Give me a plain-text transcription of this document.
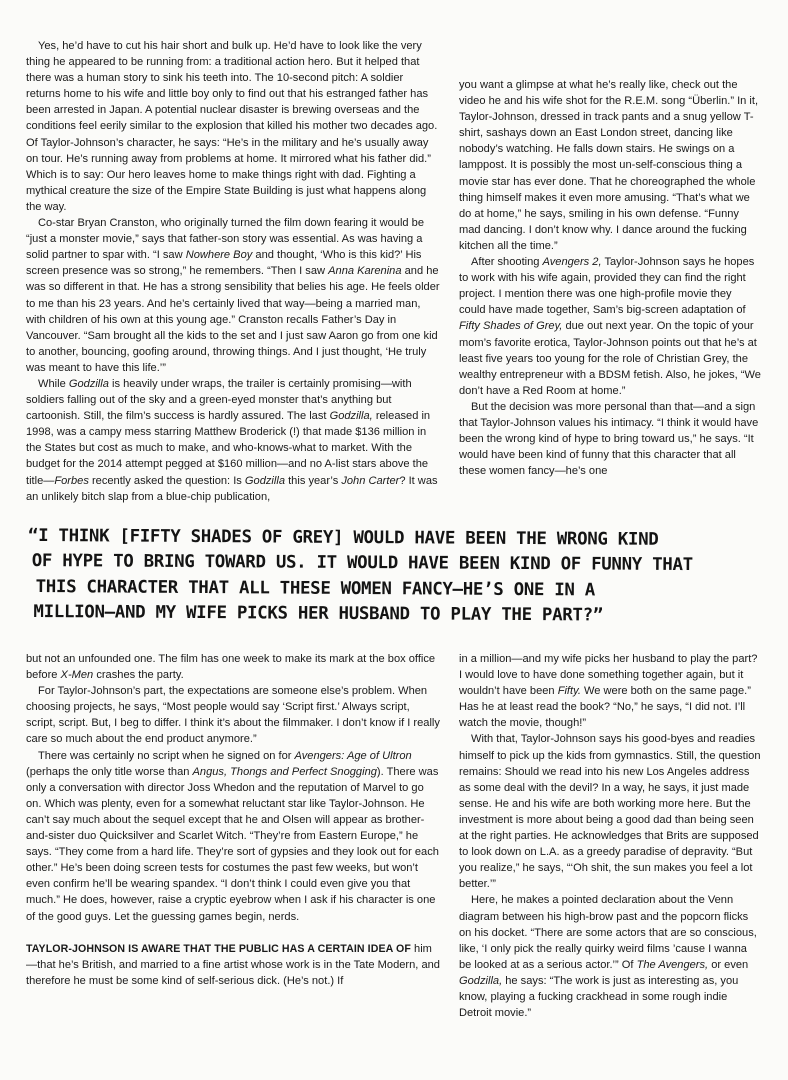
Yes, he’d have to cut his hair short and bulk up. He’d have to look like the very thing he appeared to be running from: a traditional action hero. But it helped that there was a human story to sink his teeth into. The 10-second pitch: A soldier returns home to his wife and little boy only to find out that his estranged father has been arrested in Japan. A potential nuclear disaster is brewing overseas and the conditions feel eerily similar to the explosion that killed his mother two decades ago. Of Taylor-Johnson’s character, he says: “He’s in the military and he’s usually away on tour. He’s running away from problems at home. It mirrored what his father did.” Which is to say: Our hero leaves home to make things right with dad. Fighting a mythical creature the size of the Empire State Building is just what happens along the way.

Co-star Bryan Cranston, who originally turned the film down fearing it would be “just a monster movie,” says that father-son story was essential. As was having a solid partner to spar with. “I saw Nowhere Boy and thought, ‘Who is this kid?’ His screen presence was so strong,” he remembers. “Then I saw Anna Karenina and he was so different in that. He has a strong sensibility that belies his age. He feels older to me than his 23 years. And he’s certainly lived that way—being a married man, with children of his own at this young age.” Cranston recalls Father’s Day in Vancouver. “Sam brought all the kids to the set and I just saw Aaron go from one kid to another, bouncing, goofing around, throwing things. And I just thought, ‘He truly was meant to have this life.’”

While Godzilla is heavily under wraps, the trailer is certainly promising—with soldiers falling out of the sky and a green-eyed monster that’s anything but cartoonish. Still, the film’s success is hardly assured. The last Godzilla, released in 1998, was a campy mess starring Matthew Broderick (!) that made $136 million in the States but cost as much to make, and who-knows-what to market. With the budget for the 2014 attempt pegged at $160 million—and no A-list stars above the title—Forbes recently asked the question: Is Godzilla this year’s John Carter? It was an unlikely bitch slap from a blue-chip publication,

you want a glimpse at what he’s really like, check out the video he and his wife shot for the R.E.M. song “Überlin.” In it, Taylor-Johnson, dressed in track pants and a snug yellow T-shirt, sashays down an East London street, dancing like nobody’s watching. He falls down stairs. He swings on a lamppost. It is possibly the most un-self-conscious thing a movie star has ever done. That he choreographed the whole thing himself makes it even more amusing. “That’s what we do at home,” he says, smiling in his own defense. “Funny mad dancing. I don’t know why. I dance around the fucking kitchen all the time.”

After shooting Avengers 2, Taylor-Johnson says he hopes to work with his wife again, provided they can find the right project. I mention there was one high-profile movie they could have made together, Sam’s big-screen adaptation of Fifty Shades of Grey, due out next year. On the topic of your mom’s favorite erotica, Taylor-Johnson points out that he’s at least five years too young for the role of Christian Grey, the wealthy entrepreneur with a BDSM fetish. Also, he jokes, “We don’t have a Red Room at home.”

But the decision was more personal than that—and a sign that Taylor-Johnson values his intimacy. “I think it would have been the wrong kind of hype to bring toward us,” he says. “It would have been kind of funny that this character that all these women fancy—he’s one

“I THINK [FIFTY SHADES OF GREY] WOULD HAVE BEEN THE WRONG KIND
OF HYPE TO BRING TOWARD US. IT WOULD HAVE BEEN KIND OF FUNNY THAT
THIS CHARACTER THAT ALL THESE WOMEN FANCY—HE’S ONE IN A
MILLION—AND MY WIFE PICKS HER HUSBAND TO PLAY THE PART?”

but not an unfounded one. The film has one week to make its mark at the box office before X-Men crashes the party.

For Taylor-Johnson’s part, the expectations are someone else’s problem. When choosing projects, he says, “Most people would say ‘Script first.’ Always script, script, script. But, I beg to differ. I think it’s about the filmmaker. I don’t know if I really care so much about the end product anymore.”

There was certainly no script when he signed on for Avengers: Age of Ultron (perhaps the only title worse than Angus, Thongs and Perfect Snogging). There was only a conversation with director Joss Whedon and the reputation of Marvel to go on. Which was plenty, even for a somewhat reluctant star like Taylor-Johnson. He can’t say much about the sequel except that he and Olsen will appear as brother-and-sister duo Quicksilver and Scarlet Witch. “They’re from Eastern Europe,” he says. “They come from a hard life. They’re sort of gypsies and they look out for each other.” He’s been doing screen tests for costumes the past few weeks, but won’t even confirm he’ll be wearing spandex. “I don’t think I could even give you that much.” He does, however, raise a cryptic eyebrow when I ask if his character is one of the good guys. Let the guessing games begin, nerds.

TAYLOR-JOHNSON IS AWARE THAT THE PUBLIC HAS A CERTAIN IDEA OF him—that he’s British, and married to a fine artist whose work is in the Tate Modern, and therefore he must be some kind of self-serious dick. (He’s not.) If

in a million—and my wife picks her husband to play the part? I would love to have done something together again, but it wouldn’t have been Fifty. We were both on the same page.” Has he at least read the book? “No,” he says, “I did not. I’ll watch the movie, though!”

With that, Taylor-Johnson says his good-byes and readies himself to pick up the kids from gymnastics. Still, the question remains: Should we read into his new Los Angeles address as some deal with the devil? In a way, he says, it just made sense. He and his wife are both working more here. But the investment is more about being a good dad than being seen at the right parties. He acknowledges that Brits are supposed to look down on L.A. as a greedy paradise of depravity. “But you realize,” he says, “‘Oh shit, the sun makes you feel a lot better.’”

Here, he makes a pointed declaration about the Venn diagram between his high-brow past and the popcorn flicks on his docket. “There are some actors that are so conscious, like, ‘I only pick the really quirky weird films ’cause I wanna be looked at as a serious actor.’” Of The Avengers, or even Godzilla, he says: “The work is just as interesting as, you know, playing a fucking crackhead in some rough indie Detroit movie.”
